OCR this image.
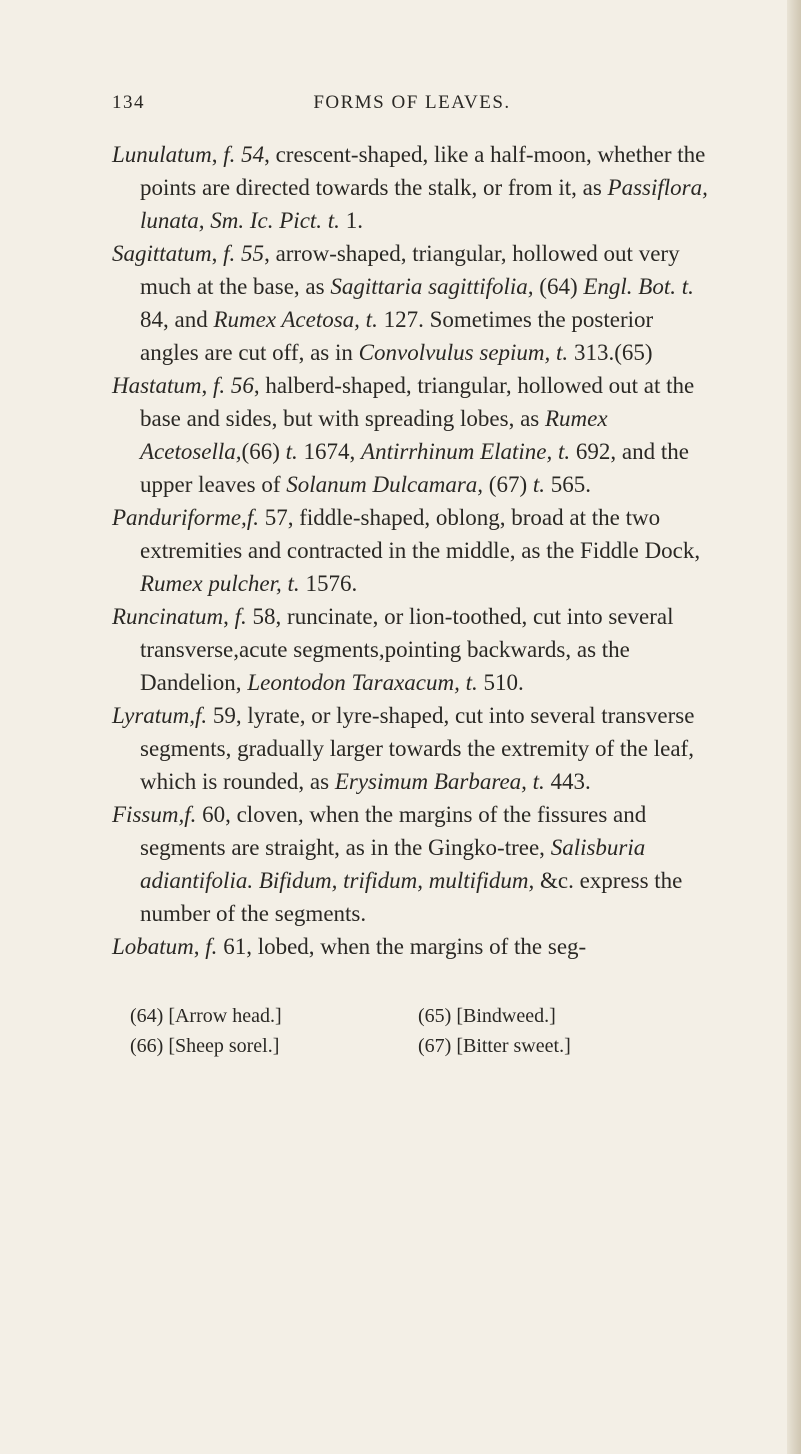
134	FORMS OF LEAVES.

Lunulatum, f. 54, crescent-shaped, like a half-moon, whether the points are directed towards the stalk, or from it, as Passiflora, lunata, Sm. Ic. Pict. t. 1.

Sagittatum, f. 55, arrow-shaped, triangular, hollowed out very much at the base, as Sagittaria sagittifolia, (64) Engl. Bot. t. 84, and Rumex Acetosa, t. 127. Sometimes the posterior angles are cut off, as in Convolvulus sepium, t. 313.(65)

Hastatum, f. 56, halberd-shaped, triangular, hollowed out at the base and sides, but with spreading lobes, as Rumex Acetosella,(66) t. 1674, Antirrhinum Elatine, t. 692, and the upper leaves of Solanum Dulcamara, (67) t. 565.

Panduriforme,f. 57, fiddle-shaped, oblong, broad at the two extremities and contracted in the middle, as the Fiddle Dock, Rumex pulcher, t. 1576.

Runcinatum, f. 58, runcinate, or lion-toothed, cut into several transverse,acute segments,pointing backwards, as the Dandelion, Leontodon Taraxacum, t. 510.

Lyratum,f. 59, lyrate, or lyre-shaped, cut into several transverse segments, gradually larger towards the extremity of the leaf, which is rounded, as Erysimum Barbarea, t. 443.

Fissum,f. 60, cloven, when the margins of the fissures and segments are straight, as in the Gingko-tree, Salisburia adiantifolia. Bifidum, trifidum, multifidum, &c. express the number of the segments.

Lobatum, f. 61, lobed, when the margins of the seg-

(64) [Arrow head.]	(65) [Bindweed.]
(66) [Sheep sorel.]	(67) [Bitter sweet.]
